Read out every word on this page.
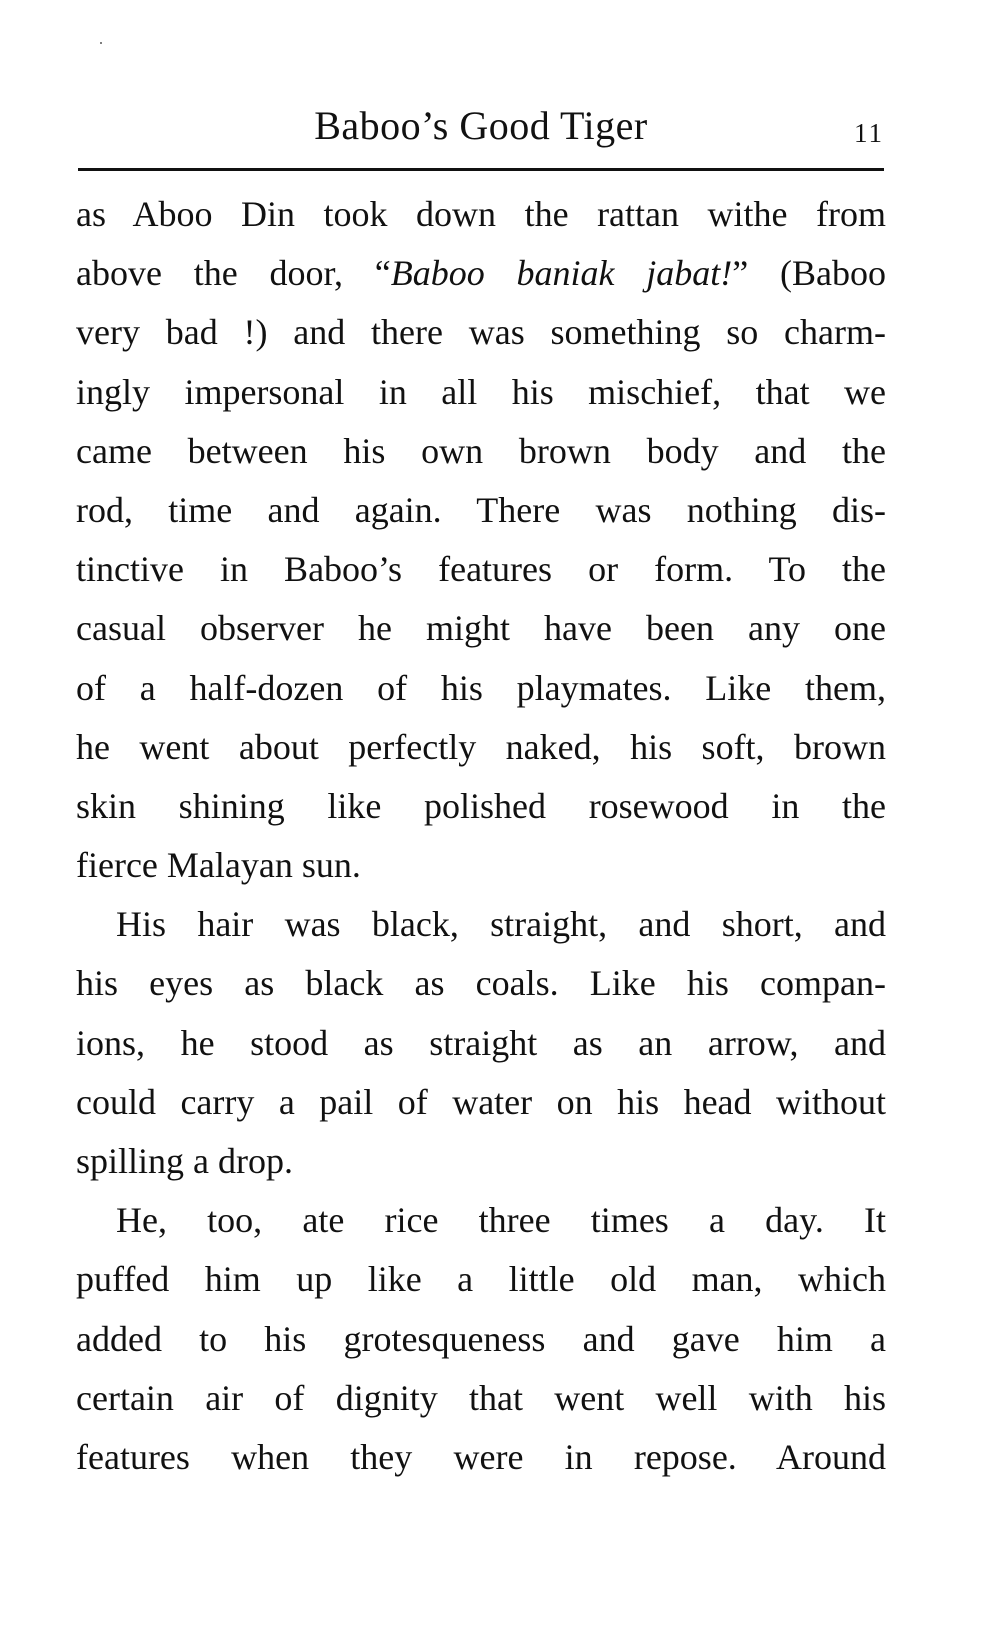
Baboo’s Good Tiger	11
as Aboo Din took down the rattan withe from
above the door, “Baboo baniak jabat!” (Baboo
very bad !) and there was something so charm-
ingly impersonal in all his mischief, that we
came between his own brown body and the
rod, time and again. There was nothing dis-
tinctive in Baboo’s features or form. To the
casual observer he might have been any one
of a half-dozen of his playmates. Like them,
he went about perfectly naked, his soft, brown
skin shining like polished rosewood in the
fierce Malayan sun.
His hair was black, straight, and short, and
his eyes as black as coals. Like his compan-
ions, he stood as straight as an arrow, and
could carry a pail of water on his head without
spilling a drop.
He, too, ate rice three times a day. It
puffed him up like a little old man, which
added to his grotesqueness and gave him a
certain air of dignity that went well with his
features when they were in repose. Around
